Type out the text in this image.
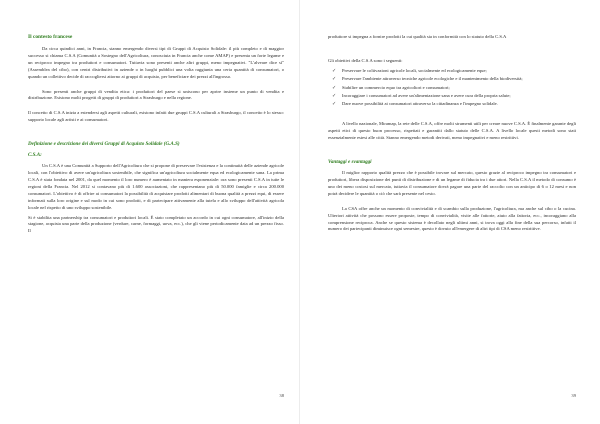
Il contesto francese

Da circa quindici anni, in Francia, stanno emergendo diversi tipi di Gruppi di Acquisto Solidale: il più completo e di maggior successo si chiama C.S.A (Comunità a Sostegno dell'Agricoltura, conosciuta in Francia anche come AMAP) e presenta un forte legame e un reciproco impegno tra produttori e consumatori. Tuttavia sono presenti anche altri gruppi, meno impegnativi. "L'alveare dice sì" (Assemblea del cibo), con centri distributivi in aziende o in luoghi pubblici una volta raggiunta una certa quantità di consumatori, o quando un collettivo decide di raccogliersi attorno ai gruppi di acquisto, per beneficiare dei prezzi all'ingrosso.

Sono presenti anche gruppi di vendita etica: i produttori del paese si uniscono per aprire insieme un punto di vendita e distribuzione. Esistono molti progetti di gruppi di produttori a Strasburgo e nella regione.

Il concetto di C.S.A inizia a estendersi agli aspetti culturali, esistono infatti due gruppi C.S.A culturali a Strasburgo, il concetto è lo stesso: supporto locale agli artisti e ai consumatori.

Definizione e descrizione dei diversi Gruppi di Acquisto Solidale (G.A.S)
C.S.A:

Un C.S.A è una Comunità a Supporto dell'Agricoltura che si propone di preservare l'esistenza e la continuità delle aziende agricole locali, con l'obiettivo di avere un'agricoltura sostenibile, che significa un'agricoltura socialmente equa ed ecologicamente sana. La prima C.S.A è stata fondata nel 2001, da quel momento il loro numero è aumentato in maniera esponenziale: ora sono presenti C.S.A in tutte le regioni della Francia. Nel 2012 si contavano più di 1.600 associazioni, che rappresentano più di 50.000 famiglie e circa 200.000 consumatori. L'obiettivo è di offrire ai consumatori la possibilità di acquistare prodotti alimentari di buona qualità a prezzi equi, di essere informati sulla loro origine e sul modo in cui sono prodotti, e di partecipare attivamente alla tutela e allo sviluppo dell'attività agricola locale nel rispetto di uno sviluppo sostenibile.

Si è stabilita una partnership tra consumatori e produttori locali. È stato completato un accordo in cui ogni consumatore, all'inizio della stagione, acquista una parte della produzione (verdure, carne, formaggi, uova, ecc.), che gli viene periodicamente data ad un prezzo fisso. Il

38

produttore si impegna a fornire prodotti la cui qualità sia in conformità con lo statuto della C.S.A

Gli obiettivi della C.S.A sono i seguenti:

✓ Preservare le coltivazioni agricole locali, socialmente ed ecologicamente eque;
✓ Preservare l'ambiente attraverso tecniche agricole ecologiche e il mantenimento della biodiversità;
✓ Stabilire un commercio equo tra agricoltori e consumatori;
✓ Incoraggiare i consumatori ad avere un'alimentazione sana e avere cura della propria salute;
✓ Dare nuove possibilità ai consumatori attraverso la cittadinanza e l'impegno solidale.

A livello nazionale, Miramap, la rete delle C.S.A, offre molti strumenti utili per creare nuove C.S.A. È finalmente garante degli aspetti etici di questo buon processo, rispettati e garantiti dallo statuto delle C.S.A. A livello locale questi metodi sono stati essenzialmente estesi alle città. Stanno emergendo metodi derivati, meno impegnativi e meno restrittivi.

Vantaggi e svantaggi

Il miglior rapporto qualità prezzo che è possibile trovare sul mercato, questo grazie al reciproco impegno tra consumatori e produttori, libera disposizione dei punti di distribuzione e di un legame di fiducia tra i due attori. Nella C.S.A il metodo di consumo è uno dei meno costosi sul mercato, tuttavia il consumatore dovrà pagare una parte del raccolto con un anticipo di 6 o 12 mesi e non potrà decidere le quantità o ciò che sarà presente nel cesto.

La CSA offre anche un momento di convivialità e di scambio sulla produzione, l'agricoltura, ma anche sul cibo o la cucina. Ulteriori attività che possono essere proposte, tempo di convivialità, visite alle fattorie, aiuto alla fattoria, ecc., incoraggiano alla comprensione reciproca. Anche se questo sistema è decollato negli ultimi anni, si trova oggi alla fine della sua percorso, infatti il numero dei partecipanti diminuisce ogni semestre, questo è dovuto all'emergere di altri tipi di CSA meno restrittive.

39
